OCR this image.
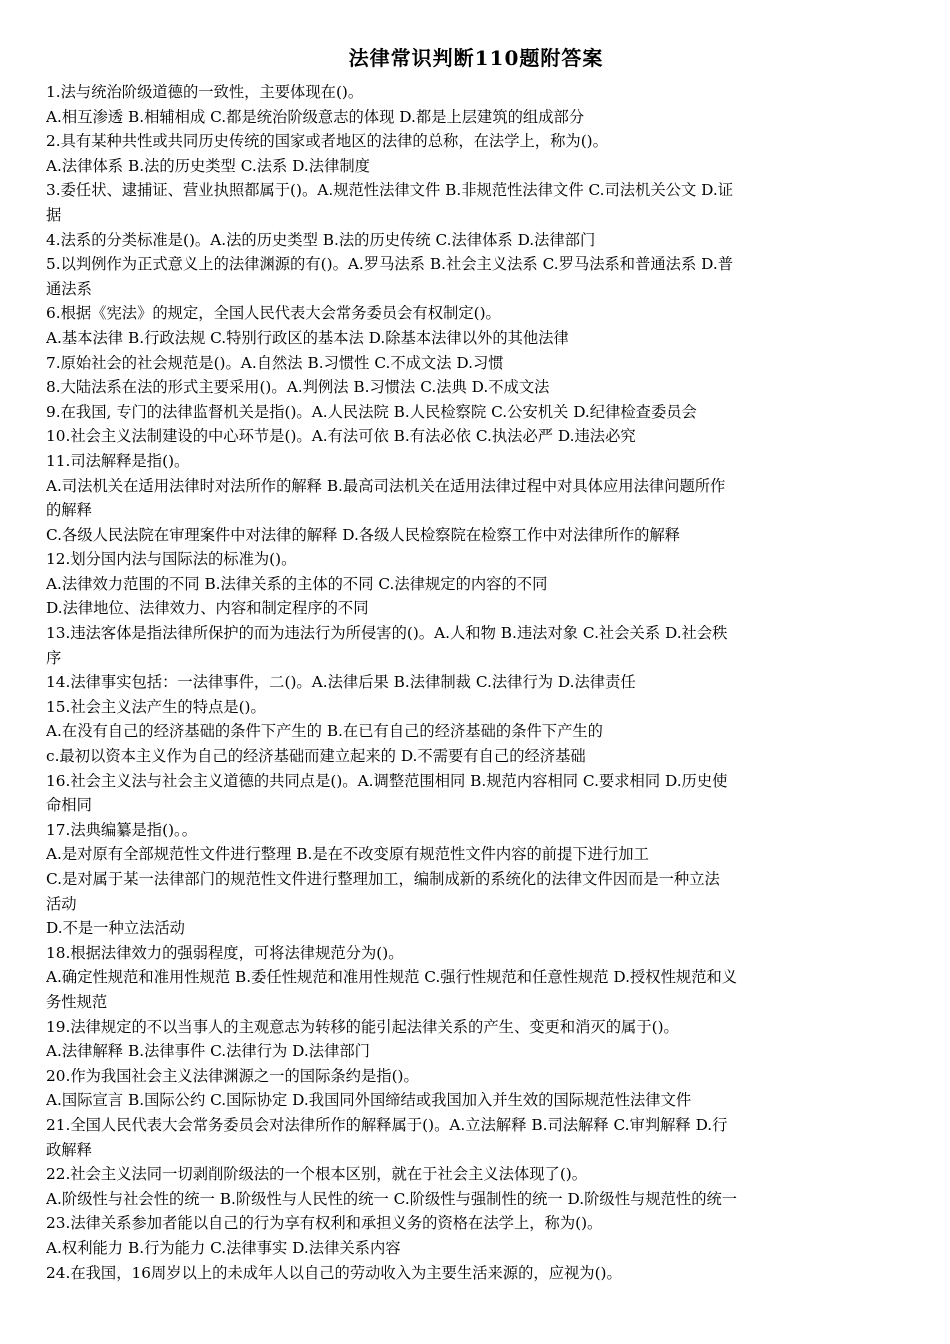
法律常识判断110题附答案
1.法与统治阶级道德的一致性，主要体现在()。
A.相互渗透 B.相辅相成 C.都是统治阶级意志的体现 D.都是上层建筑的组成部分
2.具有某种共性或共同历史传统的国家或者地区的法律的总称，在法学上，称为()。
A.法律体系 B.法的历史类型 C.法系 D.法律制度
3.委任状、逮捕证、营业执照都属于()。A.规范性法律文件 B.非规范性法律文件 C.司法机关公文 D.证
据
4.法系的分类标准是()。A.法的历史类型 B.法的历史传统 C.法律体系 D.法律部门
5.以判例作为正式意义上的法律渊源的有()。A.罗马法系 B.社会主义法系 C.罗马法系和普通法系 D.普
通法系
6.根据《宪法》的规定，全国人民代表大会常务委员会有权制定()。
A.基本法律 B.行政法规 C.特别行政区的基本法 D.除基本法律以外的其他法律
7.原始社会的社会规范是()。A.自然法 B.习惯性 C.不成文法 D.习惯
8.大陆法系在法的形式主要采用()。A.判例法 B.习惯法 C.法典 D.不成文法
9.在我国, 专门的法律监督机关是指()。A.人民法院 B.人民检察院 C.公安机关 D.纪律检查委员会
10.社会主义法制建设的中心环节是()。A.有法可依 B.有法必依 C.执法必严 D.违法必究
11.司法解释是指()。
A.司法机关在适用法律时对法所作的解释 B.最高司法机关在适用法律过程中对具体应用法律问题所作
的解释
C.各级人民法院在审理案件中对法律的解释 D.各级人民检察院在检察工作中对法律所作的解释
12.划分国内法与国际法的标准为()。
A.法律效力范围的不同 B.法律关系的主体的不同 C.法律规定的内容的不同
D.法律地位、法律效力、内容和制定程序的不同
13.违法客体是指法律所保护的而为违法行为所侵害的()。A.人和物 B.违法对象 C.社会关系 D.社会秩
序
14.法律事实包括：一法律事件，二()。A.法律后果 B.法律制裁 C.法律行为 D.法律责任
15.社会主义法产生的特点是()。
A.在没有自己的经济基础的条件下产生的 B.在已有自己的经济基础的条件下产生的
c.最初以资本主义作为自己的经济基础而建立起来的 D.不需要有自己的经济基础
16.社会主义法与社会主义道德的共同点是()。A.调整范围相同 B.规范内容相同 C.要求相同 D.历史使
命相同
17.法典编纂是指()。。
A.是对原有全部规范性文件进行整理 B.是在不改变原有规范性文件内容的前提下进行加工
C.是对属于某一法律部门的规范性文件进行整理加工，编制成新的系统化的法律文件因而是一种立法
活动
D.不是一种立法活动
18.根据法律效力的强弱程度，可将法律规范分为()。
A.确定性规范和准用性规范 B.委任性规范和准用性规范 C.强行性规范和任意性规范 D.授权性规范和义
务性规范
19.法律规定的不以当事人的主观意志为转移的能引起法律关系的产生、变更和消灭的属于()。
A.法律解释 B.法律事件 C.法律行为 D.法律部门
20.作为我国社会主义法律渊源之一的国际条约是指()。
A.国际宣言 B.国际公约 C.国际协定 D.我国同外国缔结或我国加入并生效的国际规范性法律文件
21.全国人民代表大会常务委员会对法律所作的解释属于()。A.立法解释 B.司法解释 C.审判解释 D.行
政解释
22.社会主义法同一切剥削阶级法的一个根本区别，就在于社会主义法体现了()。
A.阶级性与社会性的统一 B.阶级性与人民性的统一 C.阶级性与强制性的统一 D.阶级性与规范性的统一
23.法律关系参加者能以自己的行为享有权利和承担义务的资格在法学上，称为()。
A.权利能力 B.行为能力 C.法律事实 D.法律关系内容
24.在我国，16周岁以上的未成年人以自己的劳动收入为主要生活来源的，应视为()。
